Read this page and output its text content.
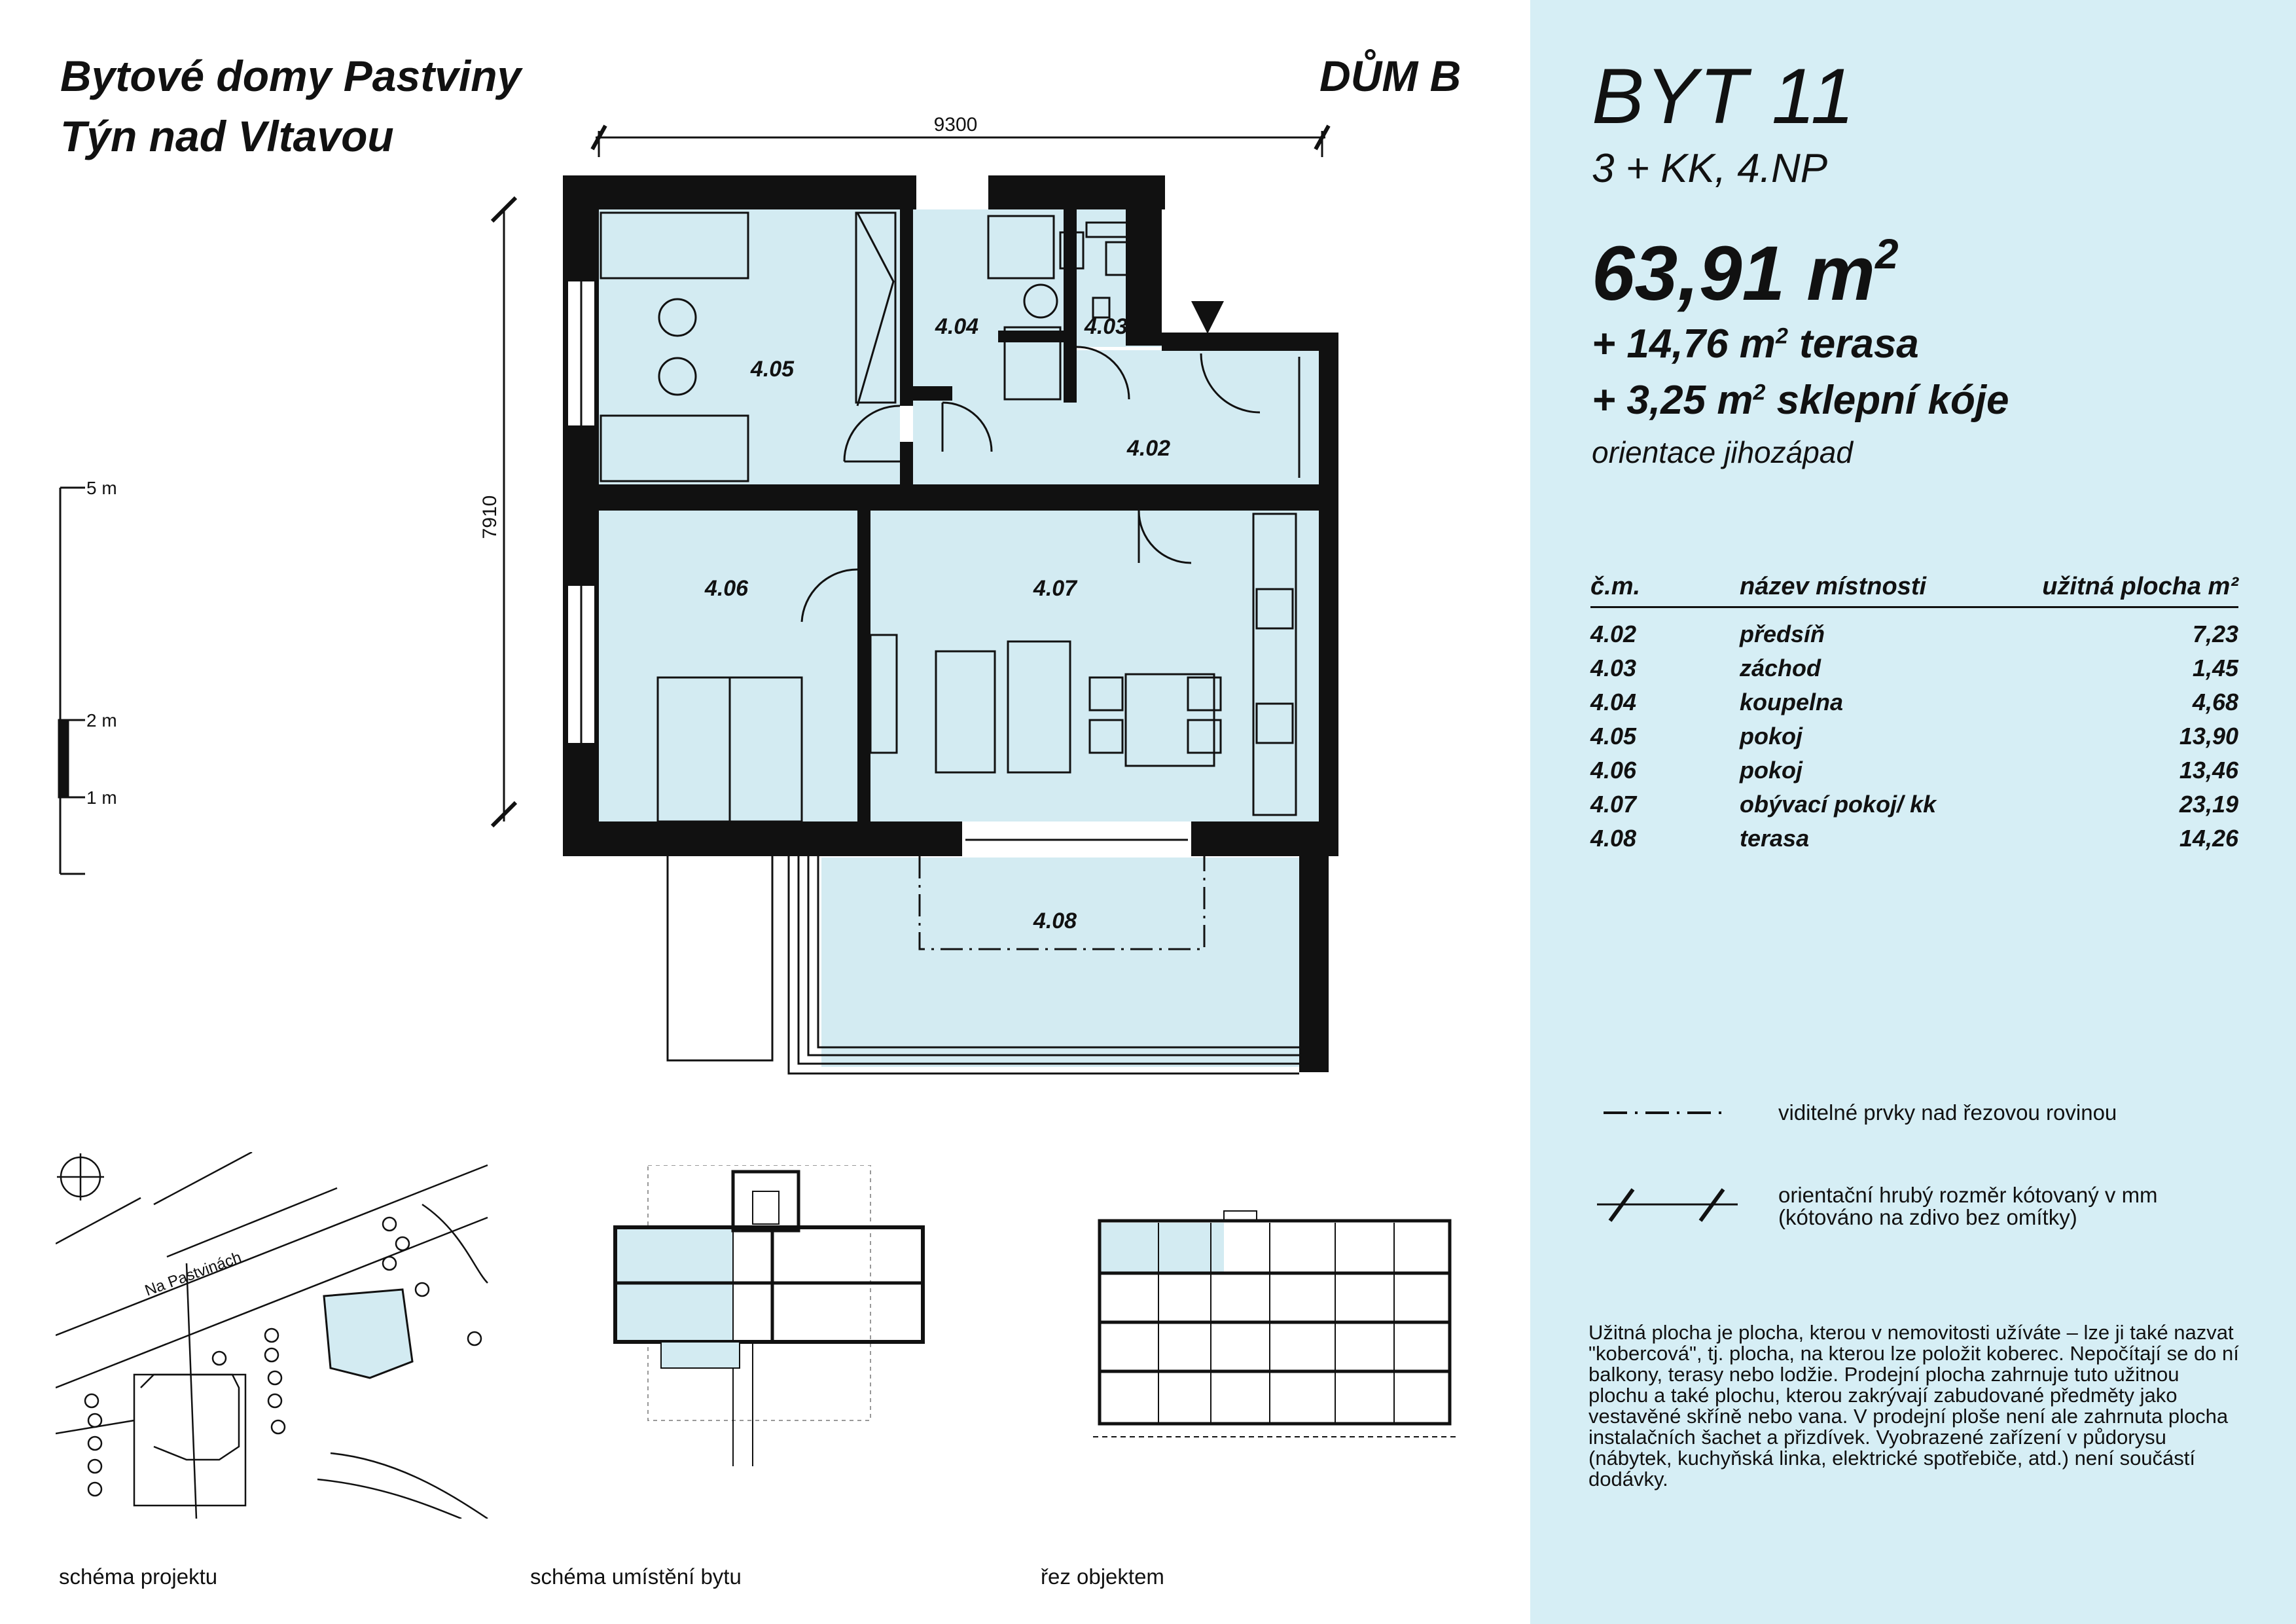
Bytové domy Pastviny
Týn nad Vltavou
DŮM B BYT 11
3 + KK, 4.NP
63,91 $m^2$
+ 14,76 $m^2$ terasa
+ 3,25 $m^2$ sklepní kóje
orientace jihozápad
č.m.	název místnosti	užitná plocha m²
4.02	předsíň	7,23
4.03	záchod	1,45
4.04	koupelna	4,68
4.05	pokoj	13,90
4.06	pokoj	13,46
4.07	obývací pokoj/ kk	23,19
4.08	terasa	14,26
viditelné prvky nad řezovou rovinou
orientační hrubý rozměr kótovaný v mm
(kótováno na zdivo bez omítky)
Užitná plocha je plocha, kterou v nemovitosti užíváte – lze ji také nazvat "kobercová", tj. plocha, na kterou lze položit koberec. Nepočítají se do ní balkony, terasy nebo lodžie. Prodejní plocha zahrnuje tuto užitnou plochu a také plochu, kterou zakrývají zabudované předměty jako vestavěné skříně nebo vana. V prodejní ploše není ale zahrnuta plocha instalačních šachet a přizdívek. Vyobrazené zařízení v půdorysu (nábytek, kuchyňská linka, elektrické spotřebiče, atd.) není součástí dodávky.
4.05
4.04	4.03
4.02
4.06	4.07
4.08
9300
7910
5 m
2 m
1 m
Na Pastvinách
schéma projektu	schéma umístění bytu	řez objektem
